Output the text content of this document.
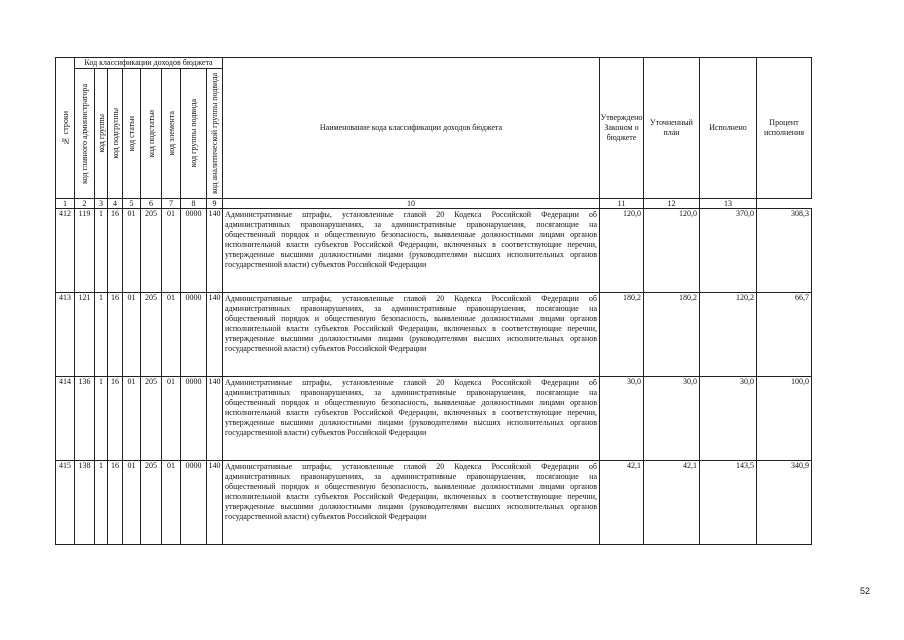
№ строки	Код классификации доходов бюджета								Наименование кода классификации доходов бюджета	Утверждено Законом о бюджете	Уточненный план	Исполнено	Процент исполнения

	код главного администратора	код группы	код подгруппы	код статьи	код подстатьи	код элемента	код группы подвида	код аналитической группы подвида					

1	2	3	4	5	6	7	8	9	10	11	12	13	
412	119	1	16	01	205	01	0000	140	Административные штрафы, установленные главой 20 Кодекса Российской Федерации об административных правонарушениях, за административные правонарушения, посягающие на общественный порядок и общественную безопасность, выявленные должностными лицами органов исполнительной власти субъектов Российской Федерации, включенных в соответствующие перечни, утвержденные высшими должностными лицами (руководителями высших исполнительных органов государственной власти) субъектов Российской Федерации	120,0	120,0	370,0	308,3
413	121	1	16	01	205	01	0000	140	Административные штрафы, установленные главой 20 Кодекса Российской Федерации об административных правонарушениях, за административные правонарушения, посягающие на общественный порядок и общественную безопасность, выявленные должностными лицами органов исполнительной власти субъектов Российской Федерации, включенных в соответствующие перечни, утвержденные высшими должностными лицами (руководителями высших исполнительных органов государственной власти) субъектов Российской Федерации	180,2	180,2	120,2	66,7
414	136	1	16	01	205	01	0000	140	Административные штрафы, установленные главой 20 Кодекса Российской Федерации об административных правонарушениях, за административные правонарушения, посягающие на общественный порядок и общественную безопасность, выявленные должностными лицами органов исполнительной власти субъектов Российской Федерации, включенных в соответствующие перечни, утвержденные высшими должностными лицами (руководителями высших исполнительных органов государственной власти) субъектов Российской Федерации	30,0	30,0	30,0	100,0
415	138	1	16	01	205	01	0000	140	Административные штрафы, установленные главой 20 Кодекса Российской Федерации об административных правонарушениях, за административные правонарушения, посягающие на общественный порядок и общественную безопасность, выявленные должностными лицами органов исполнительной власти субъектов Российской Федерации, включенных в соответствующие перечни, утвержденные высшими должностными лицами (руководителями высших исполнительных органов государственной власти) субъектов Российской Федерации	42,1	42,1	143,5	340,9
52
